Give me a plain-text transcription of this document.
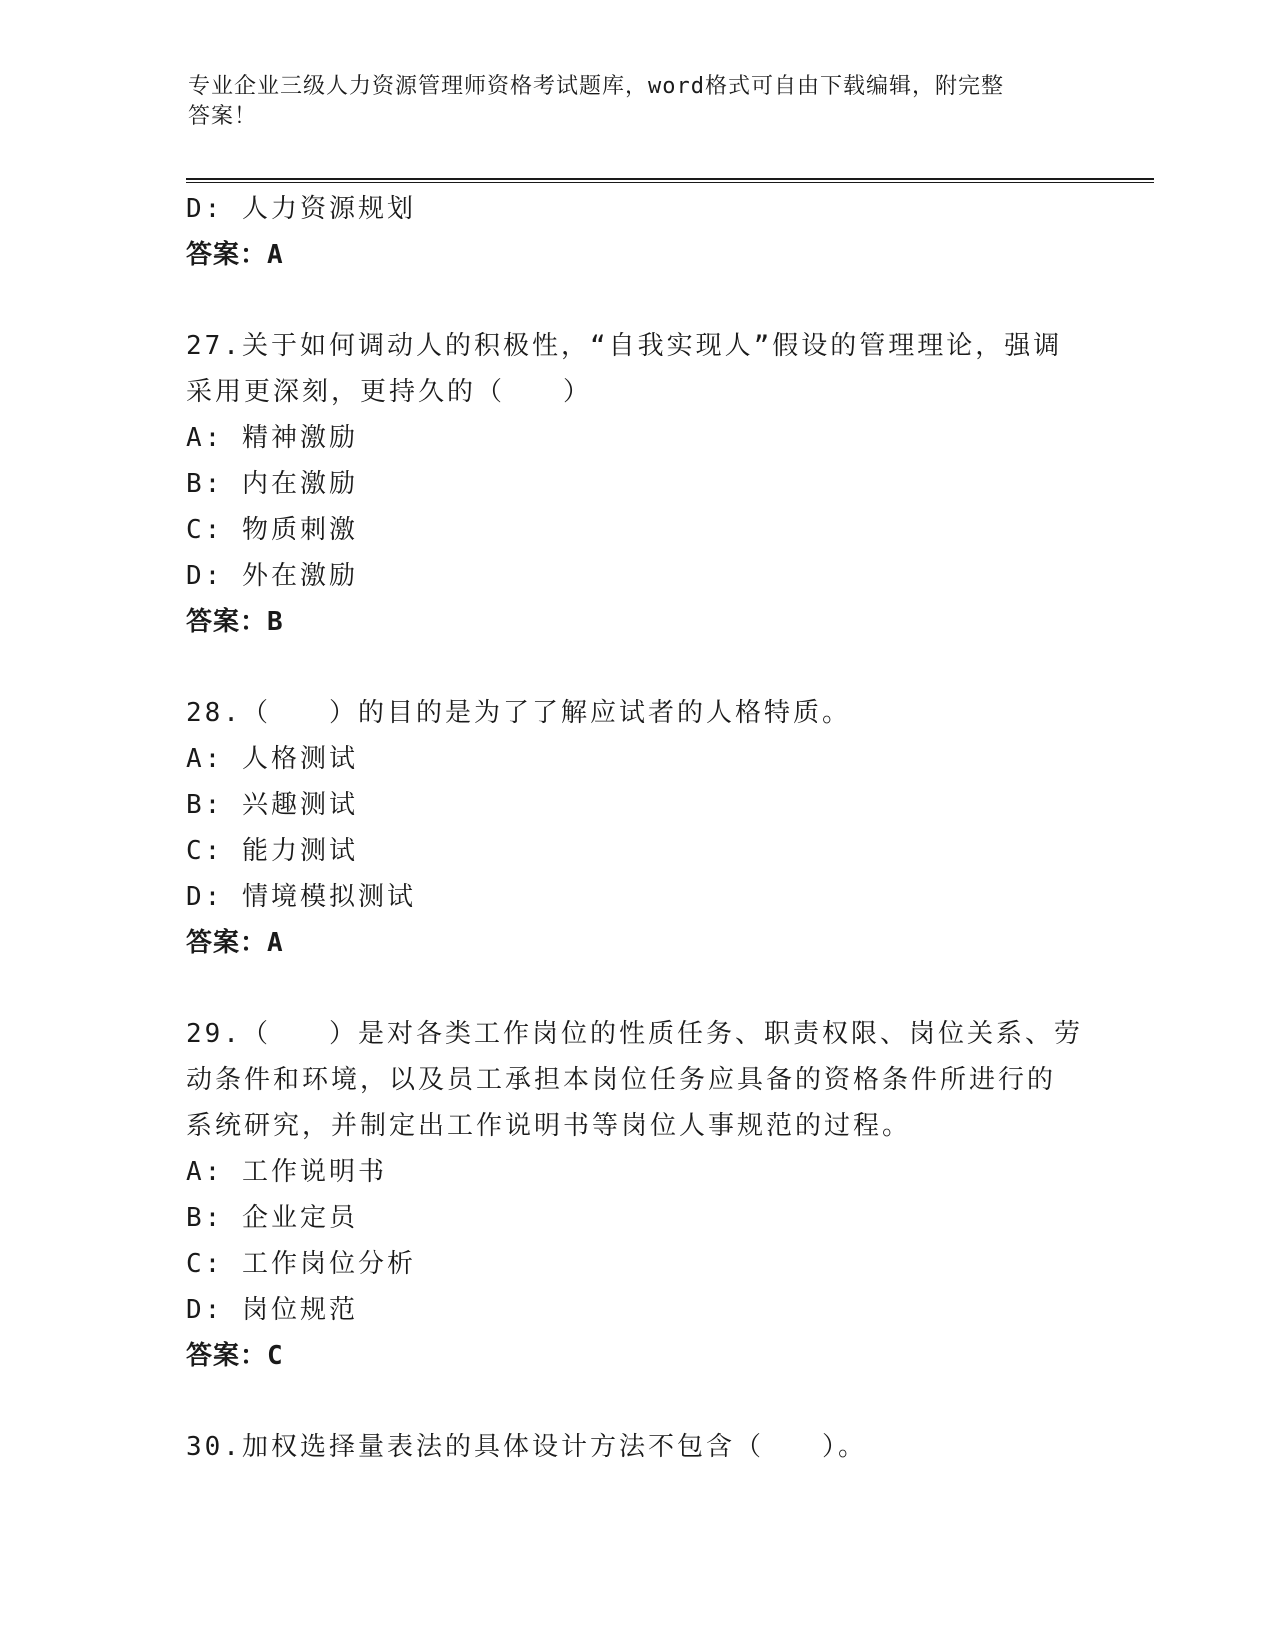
专业企业三级人力资源管理师资格考试题库，word格式可自由下载编辑，附完整
答案！
D: 人力资源规划
答案：A
27.关于如何调动人的积极性，“自我实现人”假设的管理理论，强调
采用更深刻，更持久的（　　）
A: 精神激励
B: 内在激励
C: 物质刺激
D: 外在激励
答案：B
28.（　　）的目的是为了了解应试者的人格特质。
A: 人格测试
B: 兴趣测试
C: 能力测试
D: 情境模拟测试
答案：A
29.（　　）是对各类工作岗位的性质任务、职责权限、岗位关系、劳
动条件和环境，以及员工承担本岗位任务应具备的资格条件所进行的
系统研究，并制定出工作说明书等岗位人事规范的过程。
A: 工作说明书
B: 企业定员
C: 工作岗位分析
D: 岗位规范
答案：C
30.加权选择量表法的具体设计方法不包含（　　）。
